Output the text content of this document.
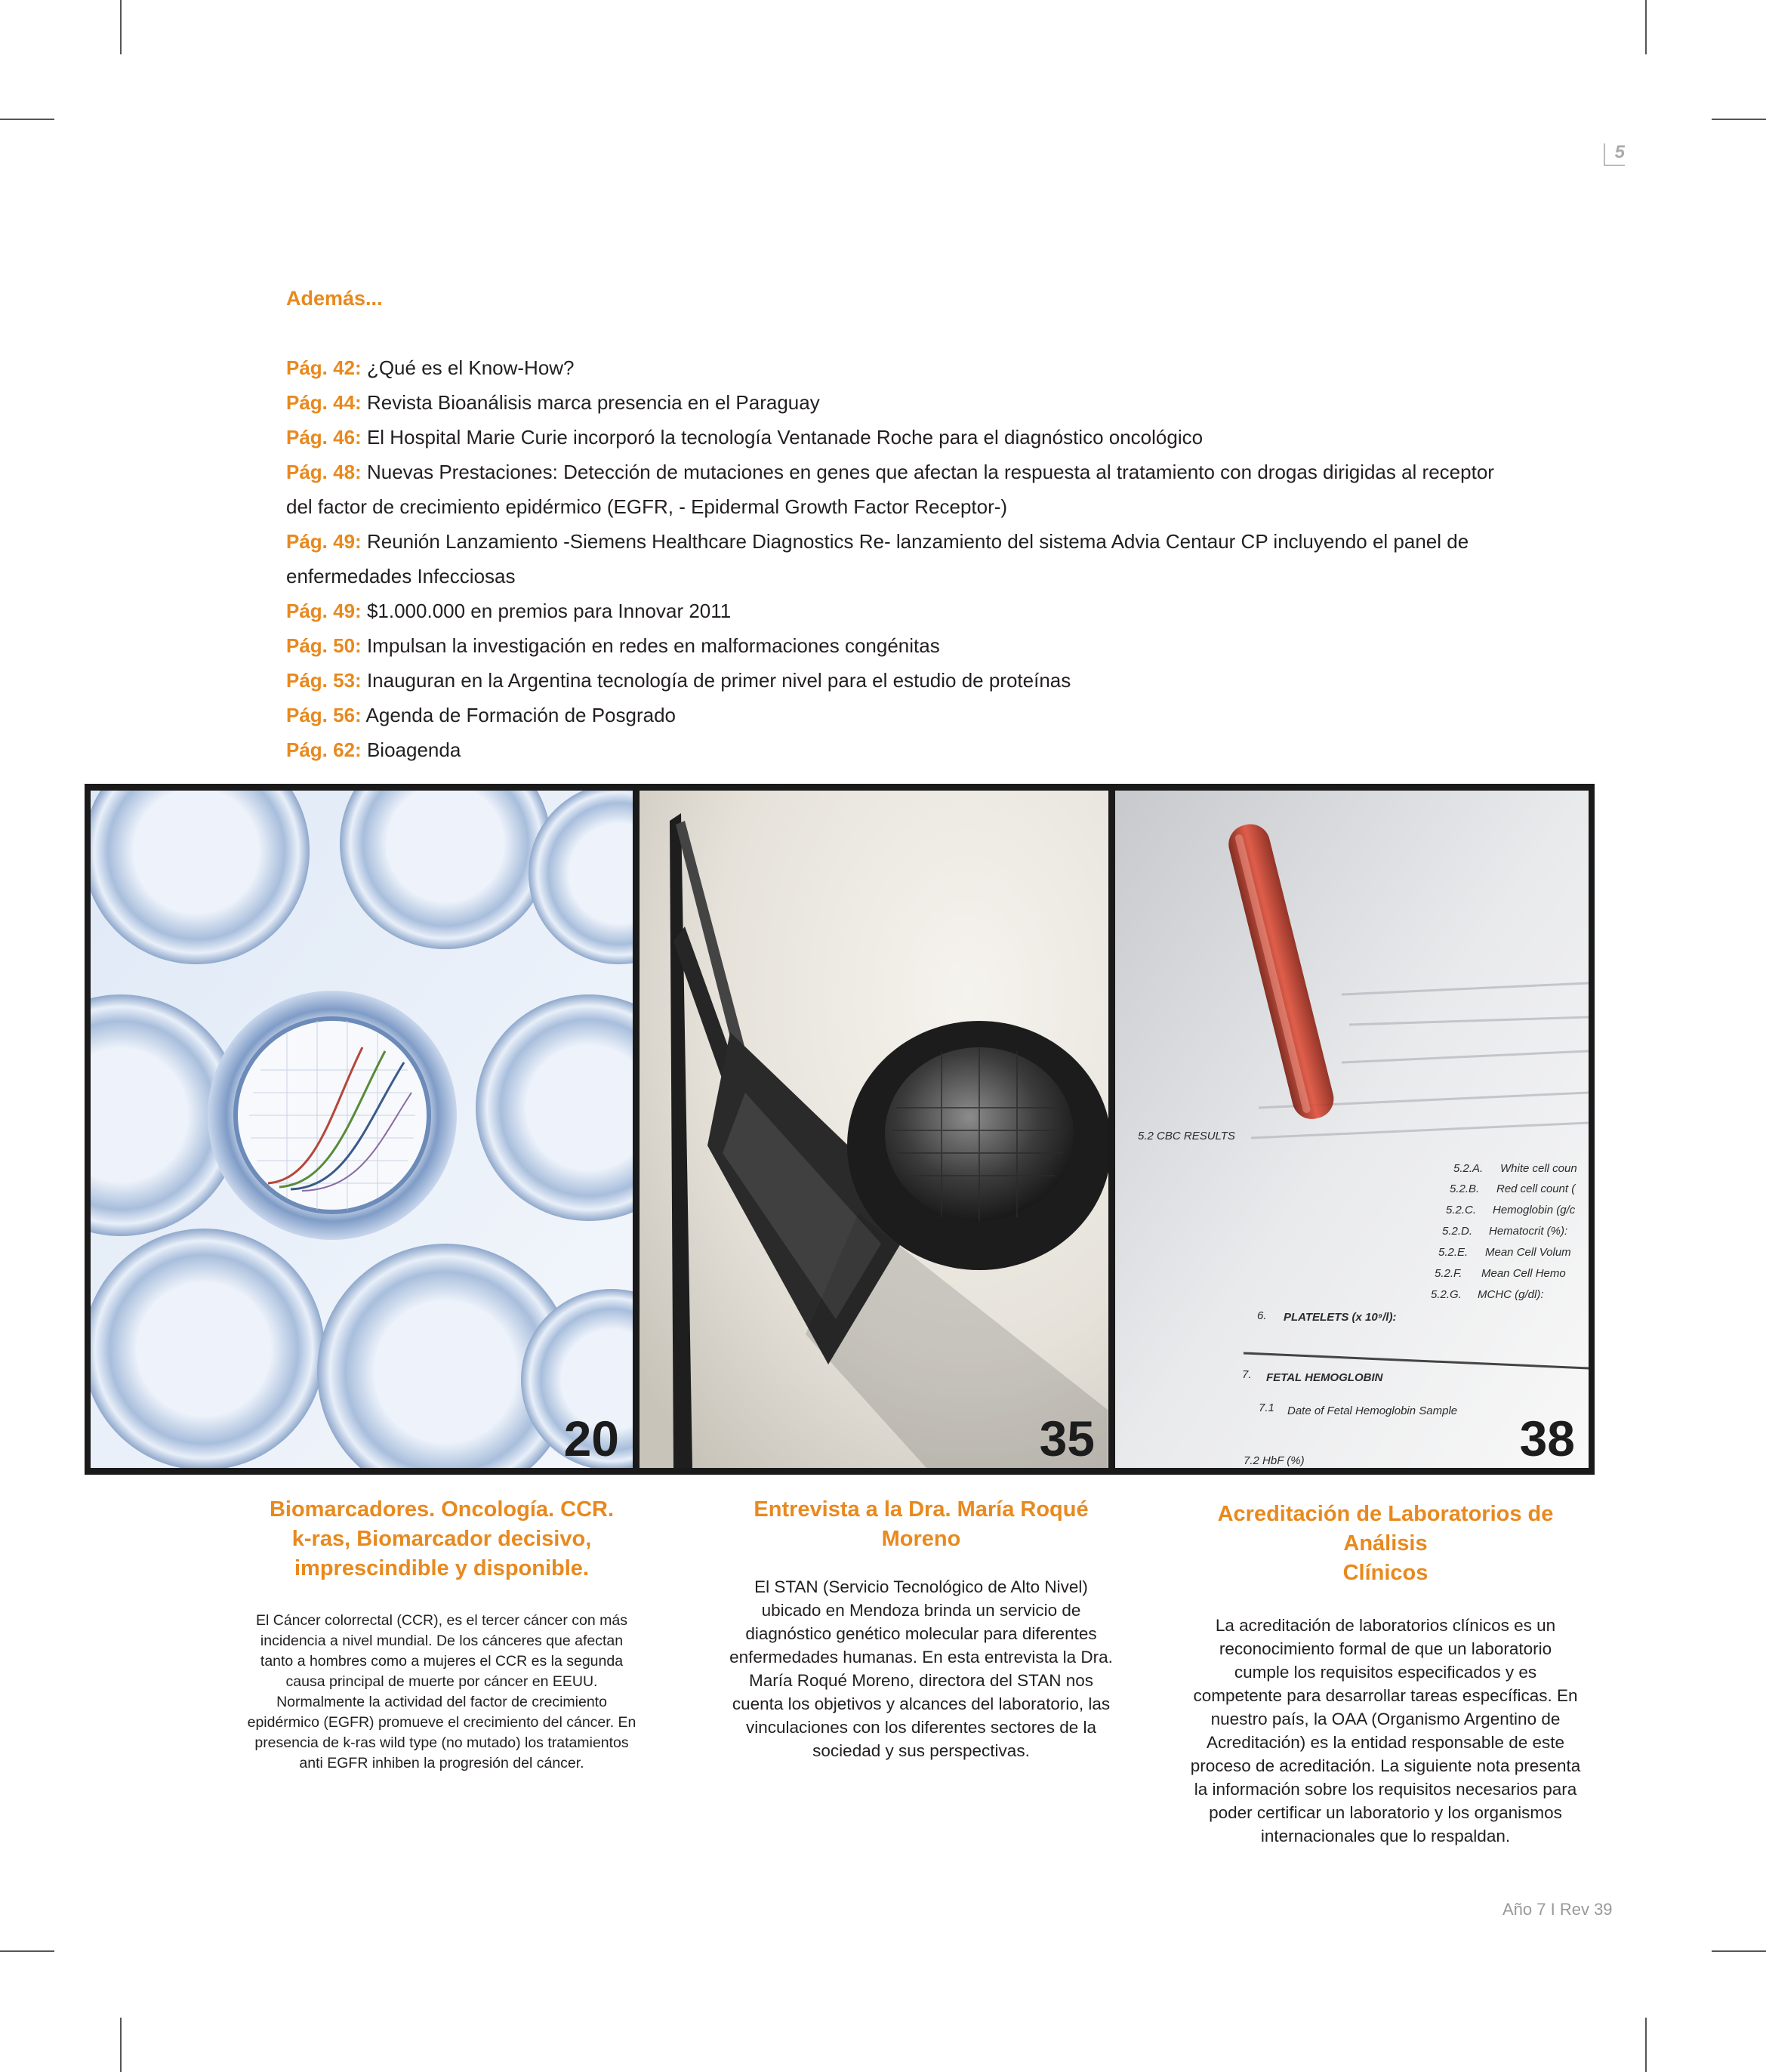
5
Además...
Pág. 42: ¿Qué es el Know-How?
Pág. 44: Revista Bioanálisis marca presencia en el Paraguay
Pág. 46: El Hospital Marie Curie incorporó la tecnología Ventanade Roche para el diagnóstico oncológico
Pág. 48: Nuevas Prestaciones: Detección de mutaciones en genes que afectan la respuesta al tratamiento con drogas dirigidas al receptor del factor de crecimiento epidérmico (EGFR, - Epidermal Growth Factor Receptor-)
Pág. 49: Reunión Lanzamiento -Siemens Healthcare Diagnostics Re- lanzamiento del sistema Advia Centaur CP incluyendo el panel de enfermedades Infecciosas
Pág. 49: $1.000.000 en premios para Innovar 2011
Pág. 50: Impulsan la investigación en redes en malformaciones congénitas
Pág. 53: Inauguran en la Argentina tecnología de primer nivel para el estudio de proteínas
Pág. 56: Agenda de Formación de Posgrado
Pág. 62: Bioagenda
20	35
5.2 CBC RESULTS
5.2.A. White cell coun
5.2.B. Red cell count (
5.2.C. Hemoglobin (g/c
5.2.D. Hematocrit (%):
5.2.E. Mean Cell Volum
5.2.F. Mean Cell Hemo
5.2.G. MCHC (g/dl):
6. PLATELETS (x 10⁹/l):
7. FETAL HEMOGLOBIN
7.1 Date of Fetal Hemoglobin Sample
7.2 HbF (%)	38
Biomarcadores. Oncología. CCR.
k-ras, Biomarcador decisivo,
imprescindible y disponible.

El Cáncer colorrectal (CCR), es el tercer cáncer con más
incidencia a nivel mundial. De los cánceres que afectan
tanto a hombres como a mujeres el CCR es la segunda
causa principal de muerte por cáncer en EEUU.
Normalmente la actividad del factor de crecimiento
epidérmico (EGFR) promueve el crecimiento del cáncer. En
presencia de k-ras wild type (no mutado) los tratamientos
anti EGFR inhiben la progresión del cáncer.

Entrevista a la Dra. María Roqué
Moreno

El STAN (Servicio Tecnológico de Alto Nivel)
ubicado en Mendoza brinda un servicio de
diagnóstico genético molecular para diferentes
enfermedades humanas. En esta entrevista la Dra.
María Roqué Moreno, directora del STAN nos
cuenta los objetivos y alcances del laboratorio, las
vinculaciones con los diferentes sectores de la
sociedad y sus perspectivas.

Acreditación de Laboratorios de Análisis
Clínicos

La acreditación de laboratorios clínicos es un
reconocimiento formal de que un laboratorio
cumple los requisitos especificados y es
competente para desarrollar tareas específicas. En
nuestro país, la OAA (Organismo Argentino de
Acreditación) es la entidad responsable de este
proceso de acreditación. La siguiente nota presenta
la información sobre los requisitos necesarios para
poder certificar un laboratorio y los organismos
internacionales que lo respaldan.

Año 7 I Rev 39
